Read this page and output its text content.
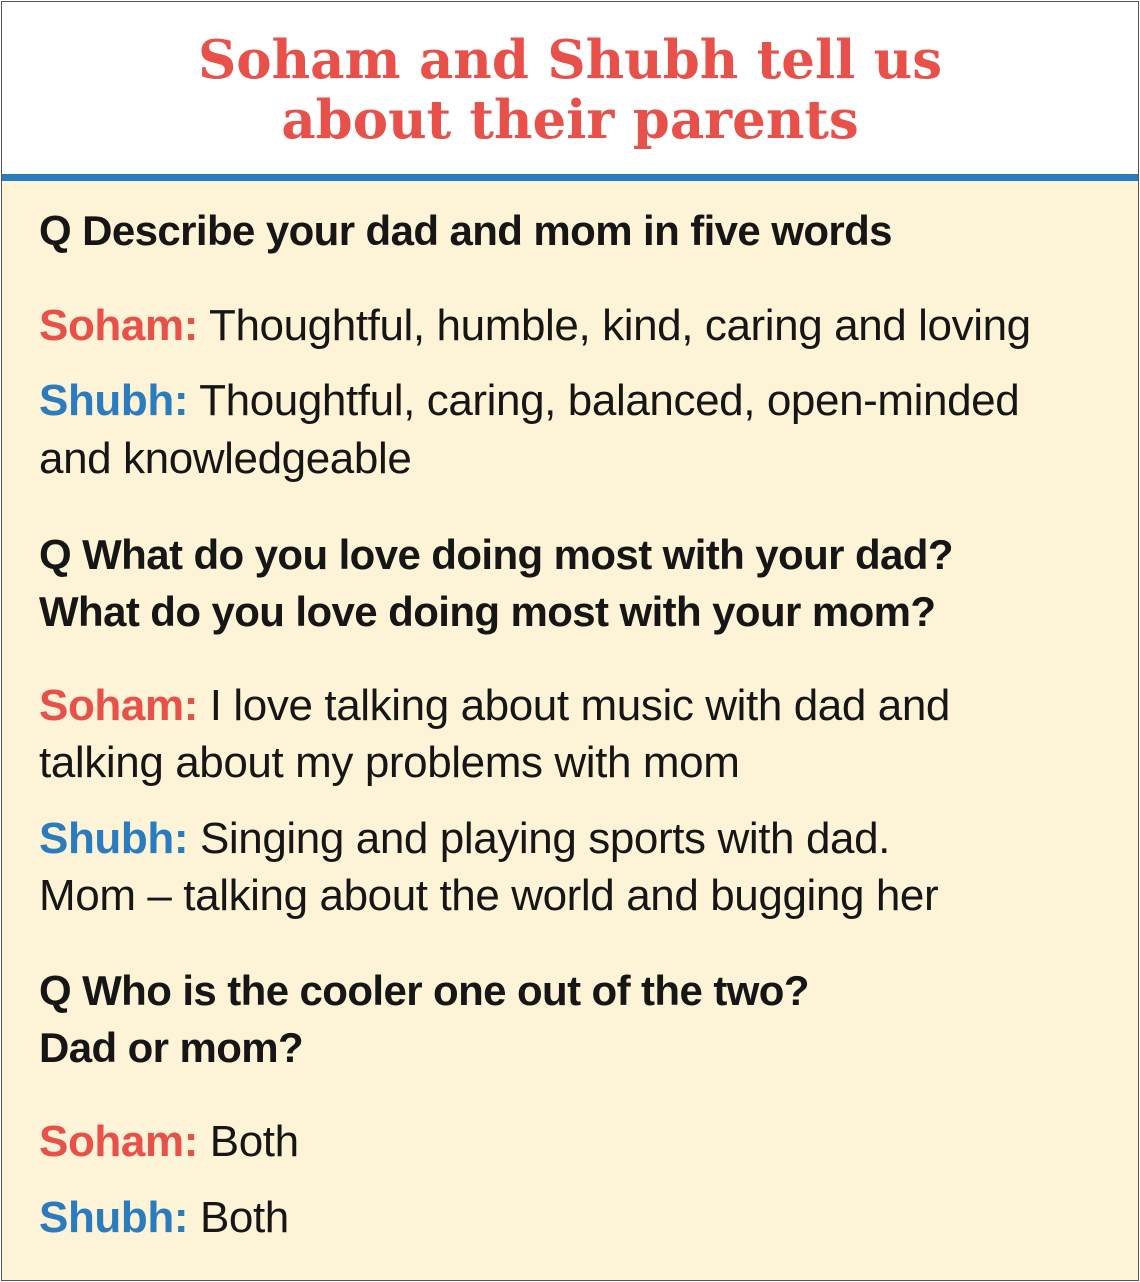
Soham and Shubh tell us
about their parents
Q Describe your dad and mom in five words
Soham: Thoughtful, humble, kind, caring and loving
Shubh: Thoughtful, caring, balanced, open-minded
and knowledgeable
Q What do you love doing most with your dad?
What do you love doing most with your mom?
Soham: I love talking about music with dad and
talking about my problems with mom
Shubh: Singing and playing sports with dad.
Mom – talking about the world and bugging her
Q Who is the cooler one out of the two?
Dad or mom?
Soham: Both
Shubh: Both
